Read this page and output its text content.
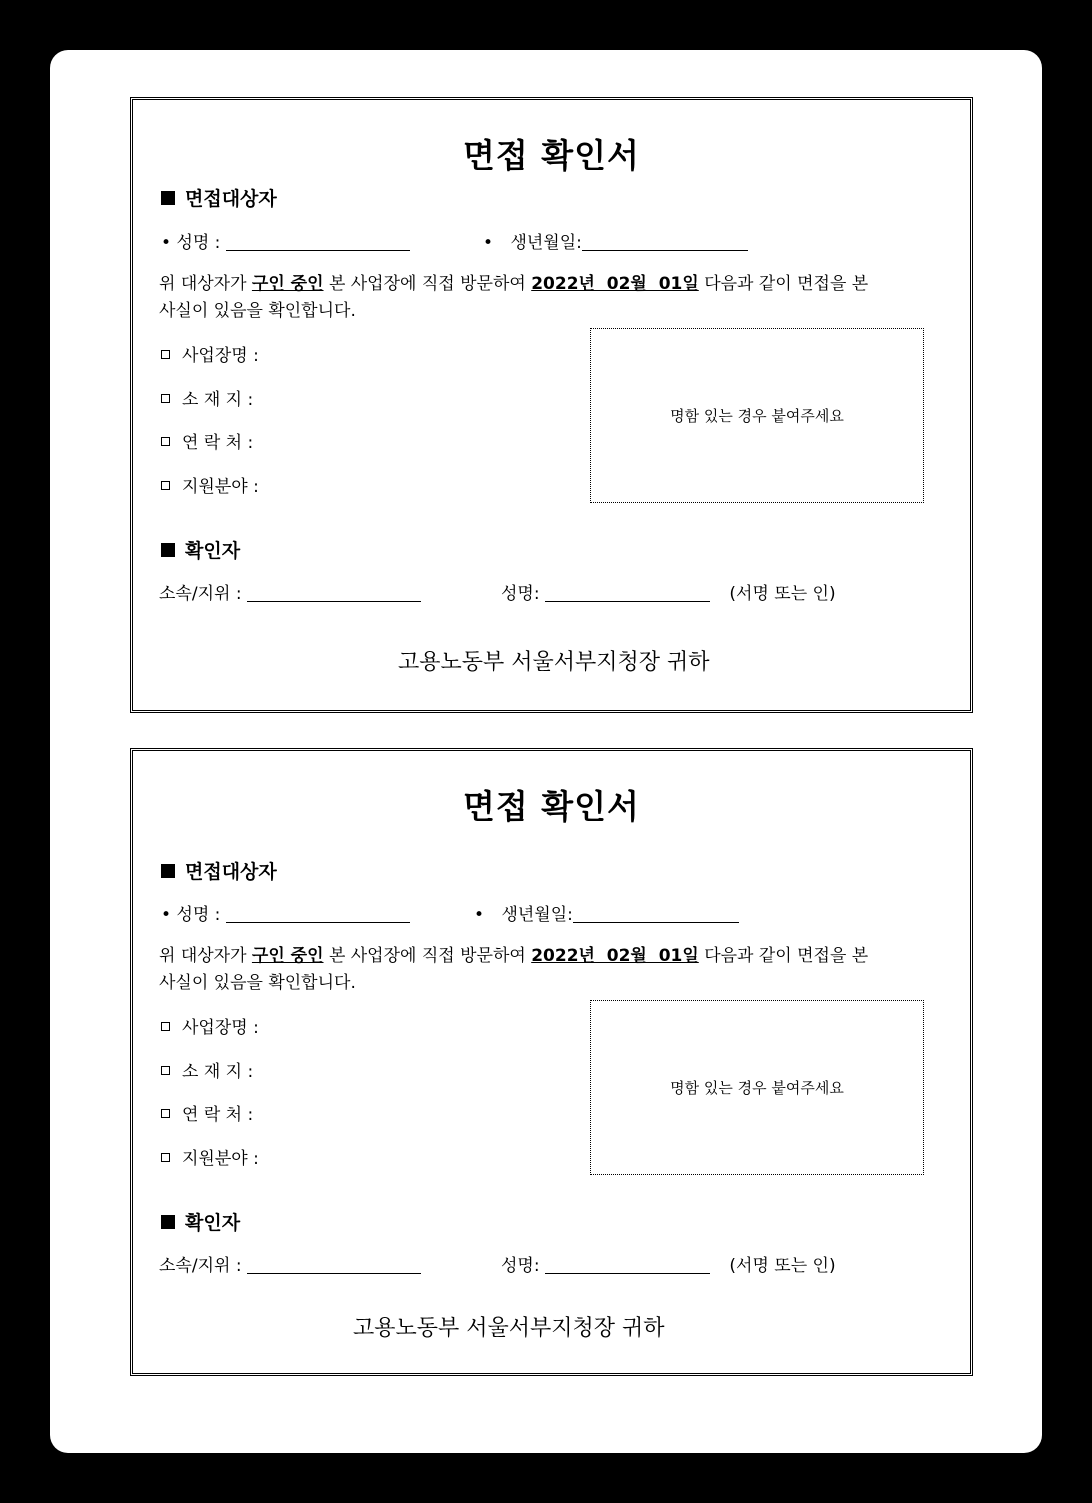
면접 확인서
면접대상자
• 성명 :	• 생년월일:
위 대상자가 구인 중인 본 사업장에 직접 방문하여 2022년  02월  01일 다음과 같이 면접을 본
사실이 있음을 확인합니다.
사업장명 :
소 재 지 :
연 락 처 :
지원분야 :
명함 있는 경우 붙여주세요
확인자
소속/지위 :	성명:	(서명 또는 인)
고용노동부 서울서부지청장 귀하
면접 확인서
면접대상자
• 성명 :	• 생년월일:
위 대상자가 구인 중인 본 사업장에 직접 방문하여 2022년  02월  01일 다음과 같이 면접을 본
사실이 있음을 확인합니다.
사업장명 :
소 재 지 :
연 락 처 :
지원분야 :
명함 있는 경우 붙여주세요
확인자
소속/지위 :	성명:	(서명 또는 인)
고용노동부 서울서부지청장 귀하
